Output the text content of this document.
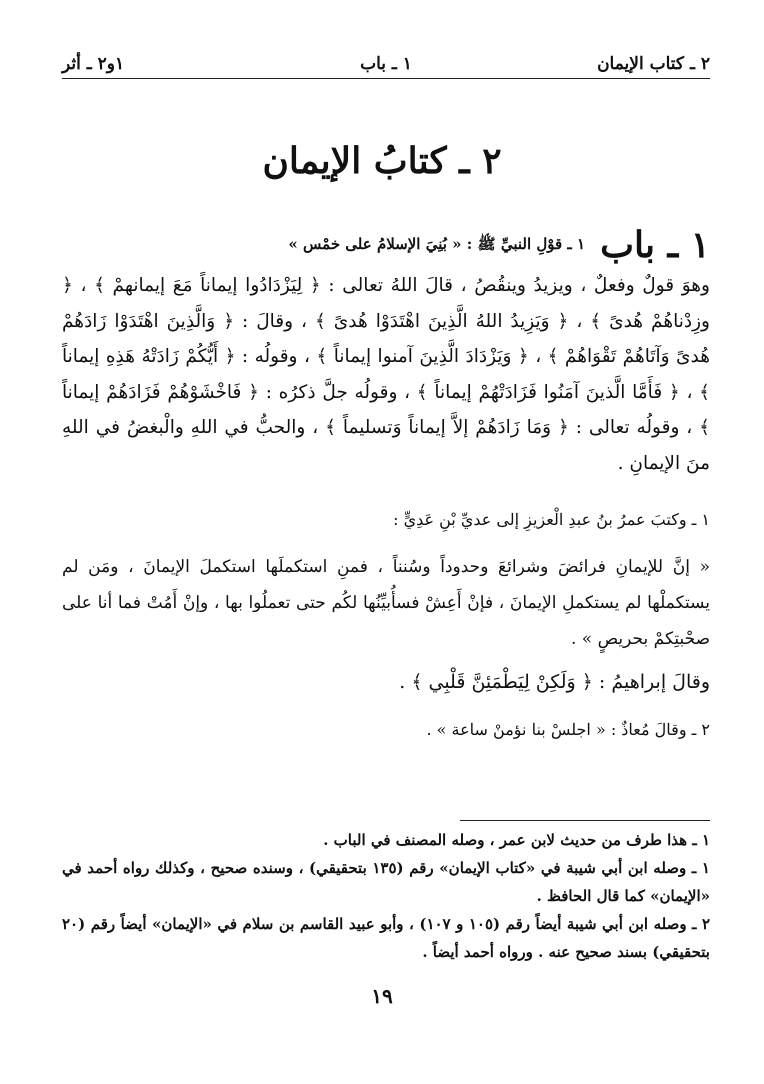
٢ ـ كتاب الإيمان
١ ـ باب
١و٢ ـ أثر
٢ ـ كتابُ الإيمان
١ ـ باب ١ ـ قوْلِ النبيِّ ﷺ : « بُنِيَ الإسلامُ على خمْس »

وهوَ قولٌ وفعلٌ ، ويزيدُ وينقُصُ ، قالَ اللهُ تعالى : ﴿ لِيَزْدَادُوا إيماناً مَعَ إيمانهمْ ﴾ ، ﴿ وزِدْناهُمْ هُدىً ﴾ ، ﴿ وَيَزِيدُ اللهُ الَّذِينَ اهْتَدَوْا هُدىً ﴾ ، وقالَ : ﴿ وَالَّذِينَ اهْتَدَوْا زَادَهُمْ هُدىً وَآتَاهُمْ تَقْوَاهُمْ ﴾ ، ﴿ وَيَزْدَادَ الَّذِينَ آمنوا إيماناً ﴾ ، وقولُه : ﴿ أَيُّكُمْ زَادَتْهُ هَذِهِ إيماناً ﴾ ، ﴿ فَأَمَّا الَّذينَ آمَنُوا فَزَادَتْهُمْ إيماناً ﴾ ، وقولُه جلَّ ذكرُه : ﴿ فَاخْشَوْهُمْ فَزَادَهُمْ إيماناً ﴾ ، وقولُه تعالى : ﴿ وَمَا زَادَهُمْ إلاَّ إيماناً وَتسليماً ﴾ ، والحبُّ في اللهِ والْبغضُ في اللهِ منَ الإيمانِ .

١ ـ وكتبَ عمرُ بنُ عبدِ الْعزيزِ إلى عديِّ بْنِ عَدِيٍّ :

« إنَّ للإيمانِ فرائضَ وشرائعَ وحدوداً وسُنناً ، فمنِ استكملَها استكملَ الإيمانَ ، ومَن لم يستكملْها لم يستكملِ الإيمانَ ، فإنْ أَعِشْ فسأُبيِّنُها لكُم حتى تعملُوا بها ، وإنْ أَمُتْ فما أنا على صحْبتِكمْ بحريصٍ » .

وقالَ إبراهيمُ : ﴿ وَلَكِنْ لِيَطْمَئِنَّ قَلْبِي ﴾ .

٢ ـ وقالَ مُعاذٌ : « اجلسْ بنا نؤمنْ ساعة » .

١ ـ هذا طرف من حديث لابن عمر ، وصله المصنف في الباب .

١ ـ وصله ابن أبي شيبة في «كتاب الإيمان» رقم (١٣٥ بتحقيقي) ، وسنده صحيح ، وكذلك رواه أحمد في «الإيمان» كما قال الحافظ .

٢ ـ وصله ابن أبي شيبة أيضاً رقم (١٠٥ و ١٠٧) ، وأبو عبيد القاسم بن سلام في «الإيمان» أيضاً رقم (٢٠ بتحقيقي) بسند صحيح عنه . ورواه أحمد أيضاً .

١٩
